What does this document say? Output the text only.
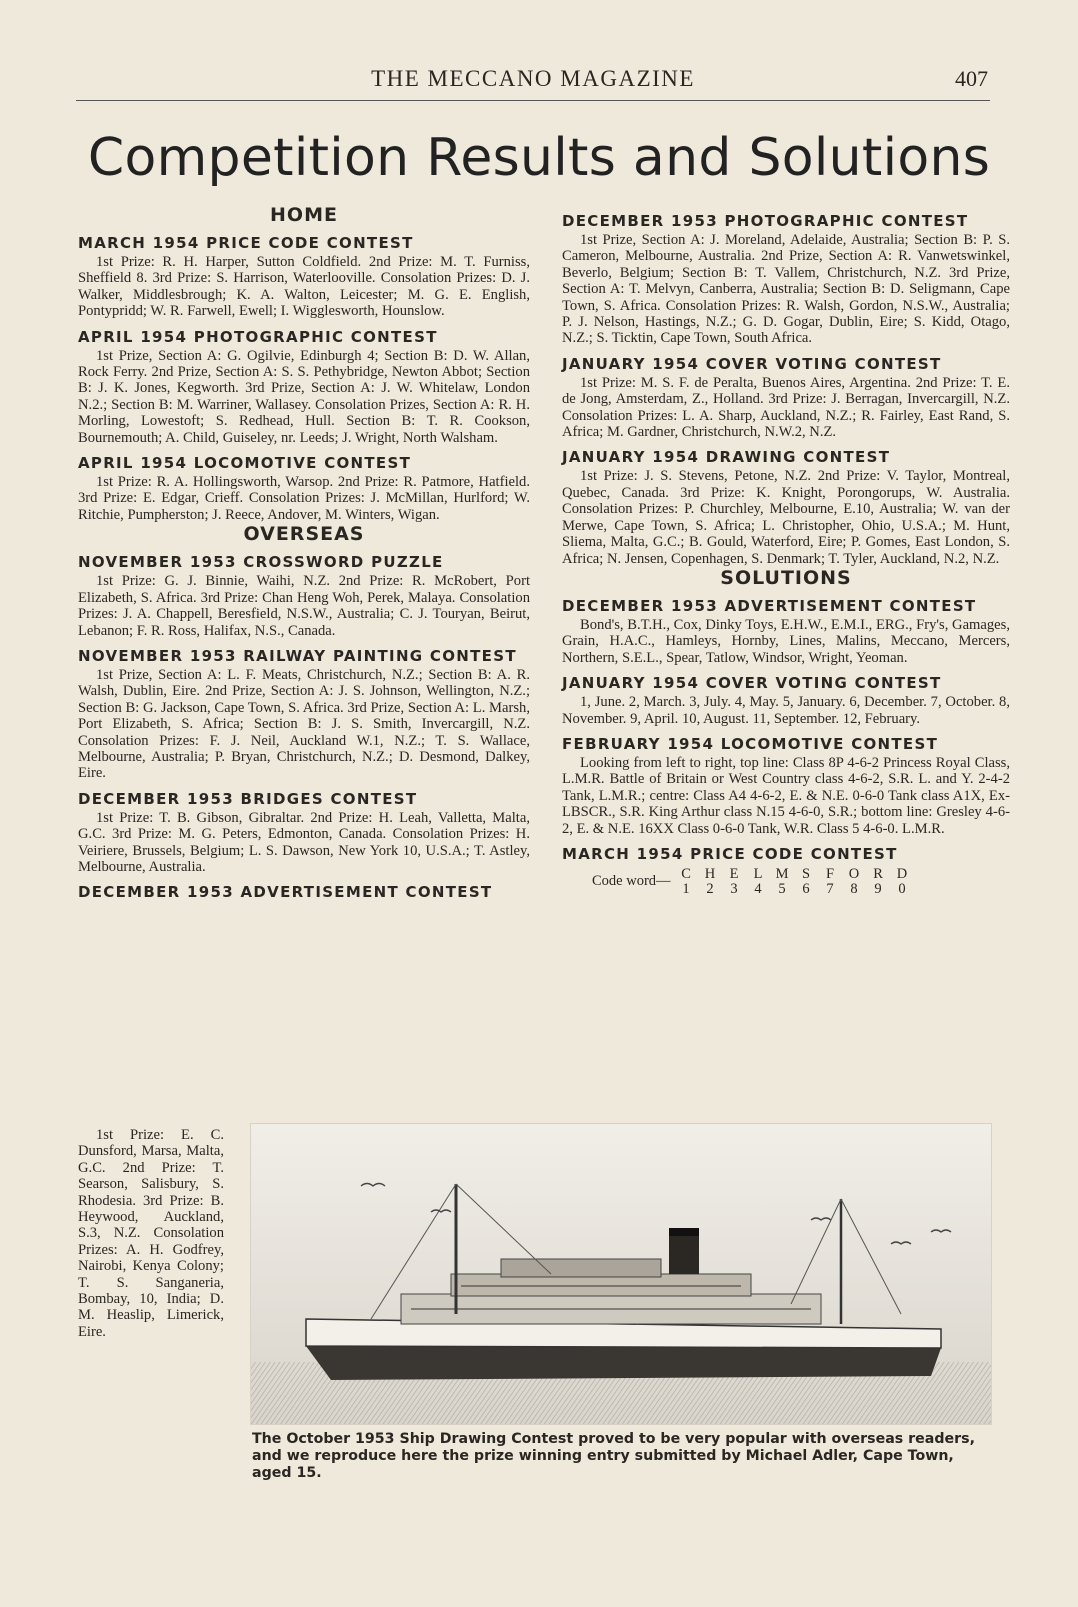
THE MECCANO MAGAZINE	407
Competition Results and Solutions
HOME
MARCH 1954 PRICE CODE CONTEST

1st Prize: R. H. Harper, Sutton Coldfield. 2nd Prize: M. T. Furniss, Sheffield 8. 3rd Prize: S. Harrison, Waterlooville. Consolation Prizes: D. J. Walker, Middlesbrough; K. A. Walton, Leicester; M. G. E. English, Pontypridd; W. R. Farwell, Ewell; I. Wigglesworth, Hounslow.

APRIL 1954 PHOTOGRAPHIC CONTEST

1st Prize, Section A: G. Ogilvie, Edinburgh 4; Section B: D. W. Allan, Rock Ferry. 2nd Prize, Section A: S. S. Pethybridge, Newton Abbot; Section B: J. K. Jones, Kegworth. 3rd Prize, Section A: J. W. Whitelaw, London N.2.; Section B: M. Warriner, Wallasey. Consolation Prizes, Section A: R. H. Morling, Lowestoft; S. Redhead, Hull. Section B: T. R. Cookson, Bournemouth; A. Child, Guiseley, nr. Leeds; J. Wright, North Walsham.

APRIL 1954 LOCOMOTIVE CONTEST

1st Prize: R. A. Hollingsworth, Warsop. 2nd Prize: R. Patmore, Hatfield. 3rd Prize: E. Edgar, Crieff. Consolation Prizes: J. McMillan, Hurlford; W. Ritchie, Pumpherston; J. Reece, Andover, M. Winters, Wigan.

OVERSEAS
NOVEMBER 1953 CROSSWORD PUZZLE

1st Prize: G. J. Binnie, Waihi, N.Z. 2nd Prize: R. McRobert, Port Elizabeth, S. Africa. 3rd Prize: Chan Heng Woh, Perek, Malaya. Consolation Prizes: J. A. Chappell, Beresfield, N.S.W., Australia; C. J. Touryan, Beirut, Lebanon; F. R. Ross, Halifax, N.S., Canada.

NOVEMBER 1953 RAILWAY PAINTING CONTEST

1st Prize, Section A: L. F. Meats, Christchurch, N.Z.; Section B: A. R. Walsh, Dublin, Eire. 2nd Prize, Section A: J. S. Johnson, Wellington, N.Z.; Section B: G. Jackson, Cape Town, S. Africa. 3rd Prize, Section A: L. Marsh, Port Elizabeth, S. Africa; Section B: J. S. Smith, Invercargill, N.Z. Consolation Prizes: F. J. Neil, Auckland W.1, N.Z.; T. S. Wallace, Melbourne, Australia; P. Bryan, Christchurch, N.Z.; D. Desmond, Dalkey, Eire.

DECEMBER 1953 BRIDGES CONTEST

1st Prize: T. B. Gibson, Gibraltar. 2nd Prize: H. Leah, Valletta, Malta, G.C. 3rd Prize: M. G. Peters, Edmonton, Canada. Consolation Prizes: H. Veiriere, Brussels, Belgium; L. S. Dawson, New York 10, U.S.A.; T. Astley, Melbourne, Australia.

DECEMBER 1953 ADVERTISEMENT CONTEST
DECEMBER 1953 PHOTOGRAPHIC CONTEST

1st Prize, Section A: J. Moreland, Adelaide, Australia; Section B: P. S. Cameron, Melbourne, Australia. 2nd Prize, Section A: R. Vanwetswinkel, Beverlo, Belgium; Section B: T. Vallem, Christchurch, N.Z. 3rd Prize, Section A: T. Melvyn, Canberra, Australia; Section B: D. Seligmann, Cape Town, S. Africa. Consolation Prizes: R. Walsh, Gordon, N.S.W., Australia; P. J. Nelson, Hastings, N.Z.; G. D. Gogar, Dublin, Eire; S. Kidd, Otago, N.Z.; S. Ticktin, Cape Town, South Africa.

JANUARY 1954 COVER VOTING CONTEST

1st Prize: M. S. F. de Peralta, Buenos Aires, Argentina. 2nd Prize: T. E. de Jong, Amsterdam, Z., Holland. 3rd Prize: J. Berragan, Invercargill, N.Z. Consolation Prizes: L. A. Sharp, Auckland, N.Z.; R. Fairley, East Rand, S. Africa; M. Gardner, Christchurch, N.W.2, N.Z.

JANUARY 1954 DRAWING CONTEST

1st Prize: J. S. Stevens, Petone, N.Z. 2nd Prize: V. Taylor, Montreal, Quebec, Canada. 3rd Prize: K. Knight, Porongorups, W. Australia. Consolation Prizes: P. Churchley, Melbourne, E.10, Australia; W. van der Merwe, Cape Town, S. Africa; L. Christopher, Ohio, U.S.A.; M. Hunt, Sliema, Malta, G.C.; B. Gould, Waterford, Eire; P. Gomes, East London, S. Africa; N. Jensen, Copenhagen, S. Denmark; T. Tyler, Auckland, N.2, N.Z.

SOLUTIONS
DECEMBER 1953 ADVERTISEMENT CONTEST

Bond's, B.T.H., Cox, Dinky Toys, E.H.W., E.M.I., ERG., Fry's, Gamages, Grain, H.A.C., Hamleys, Hornby, Lines, Malins, Meccano, Mercers, Northern, S.E.L., Spear, Tatlow, Windsor, Wright, Yeoman.

JANUARY 1954 COVER VOTING CONTEST

1, June. 2, March. 3, July. 4, May. 5, January. 6, December. 7, October. 8, November. 9, April. 10, August. 11, September. 12, February.

FEBRUARY 1954 LOCOMOTIVE CONTEST

Looking from left to right, top line: Class 8P 4-6-2 Princess Royal Class, L.M.R. Battle of Britain or West Country class 4-6-2, S.R. L. and Y. 2-4-2 Tank, L.M.R.; centre: Class A4 4-6-2, E. & N.E. 0-6-0 Tank class A1X, Ex-LBSCR., S.R. King Arthur class N.15 4-6-0, S.R.; bottom line: Gresley 4-6-2, E. & N.E. 16XX Class 0-6-0 Tank, W.R. Class 5 4-6-0. L.M.R.

MARCH 1954 PRICE CODE CONTEST
Code word— C	H	E	L	M	S	F	O	R	D
1	2	3	4	5	6	7	8	9	0

1st Prize: E. C. Dunsford, Marsa, Malta, G.C. 2nd Prize: T. Searson, Salisbury, S. Rhodesia. 3rd Prize: B. Heywood, Auckland, S.3, N.Z. Consolation Prizes: A. H. Godfrey, Nairobi, Kenya Colony; T. S. Sanganeria, Bombay, 10, India; D. M. Heaslip, Limerick, Eire.

The October 1953 Ship Drawing Contest proved to be very popular with overseas readers, and we reproduce here the prize winning entry submitted by Michael Adler, Cape Town, aged 15.
